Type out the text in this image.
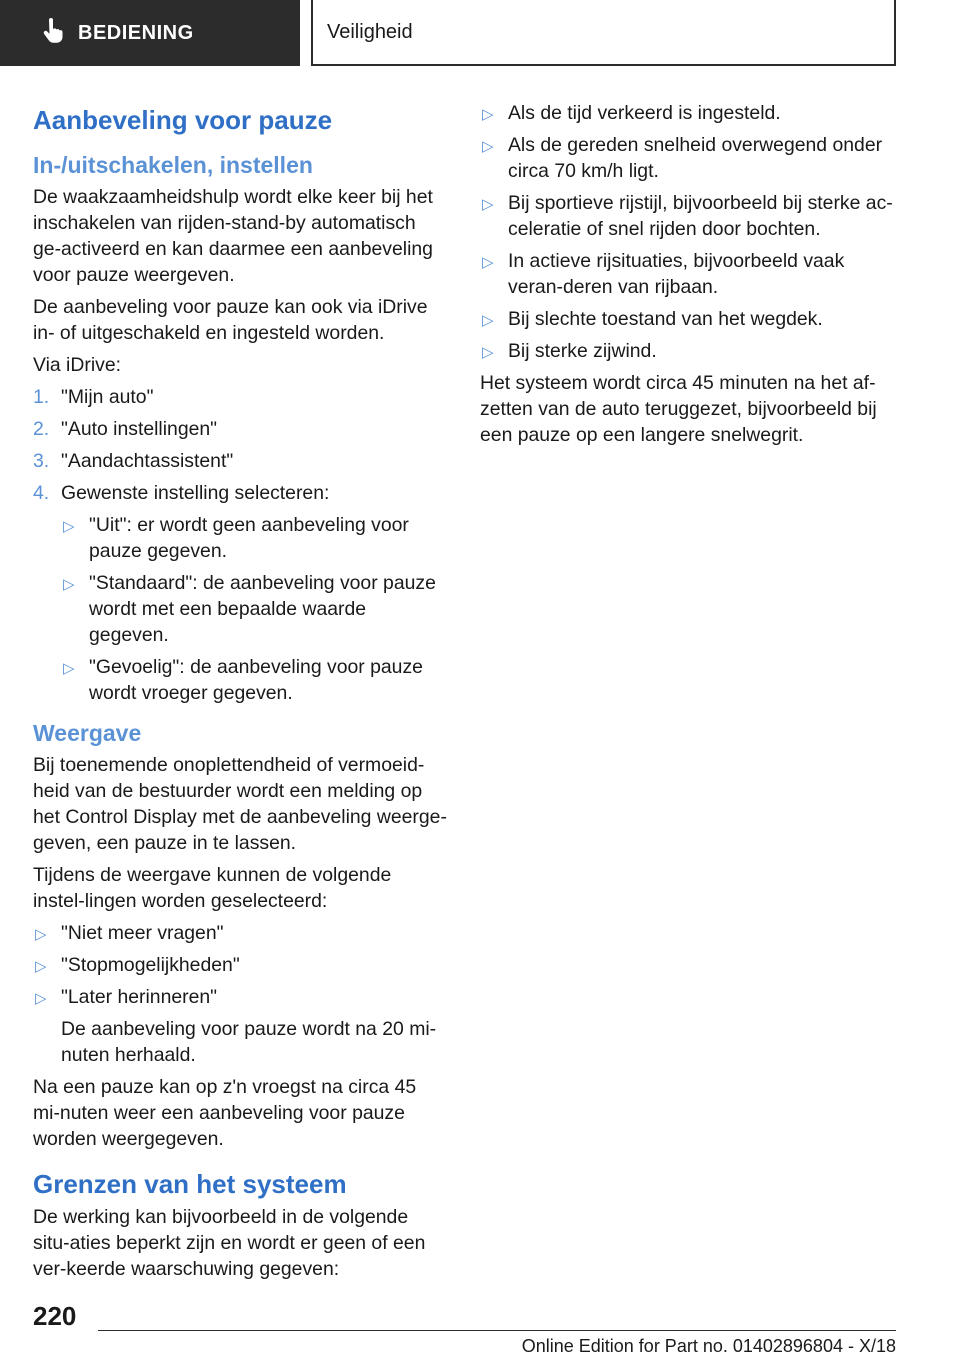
BEDIENING	Veiligheid
Aanbeveling voor pauze
In-/uitschakelen, instellen

De waakzaamheidshulp wordt elke keer bij het inschakelen van rijden-stand-by automatisch ge-activeerd en kan daarmee een aanbeveling voor pauze weergeven.

De aanbeveling voor pauze kan ook via iDrive in- of uitgeschakeld en ingesteld worden.

Via iDrive:

1. "Mijn auto"
2. "Auto instellingen"
3. "Aandachtassistent"
4. Gewenste instelling selecteren:
▷ "Uit": er wordt geen aanbeveling voor pauze gegeven.
▷ "Standaard": de aanbeveling voor pauze wordt met een bepaalde waarde gegeven.
▷ "Gevoelig": de aanbeveling voor pauze wordt vroeger gegeven.
Weergave

Bij toenemende onoplettendheid of vermoeid-heid van de bestuurder wordt een melding op het Control Display met de aanbeveling weerge-geven, een pauze in te lassen.

Tijdens de weergave kunnen de volgende instel-lingen worden geselecteerd:

▷ "Niet meer vragen"
▷ "Stopmogelijkheden"
▷ "Later herinneren"
De aanbeveling voor pauze wordt na 20 mi-nuten herhaald.

Na een pauze kan op z'n vroegst na circa 45 mi-nuten weer een aanbeveling voor pauze worden weergegeven.

Grenzen van het systeem

De werking kan bijvoorbeeld in de volgende situ-aties beperkt zijn en wordt er geen of een ver-keerde waarschuwing gegeven:

▷ Als de tijd verkeerd is ingesteld.
▷ Als de gereden snelheid overwegend onder circa 70 km/h ligt.
▷ Bij sportieve rijstijl, bijvoorbeeld bij sterke ac-celeratie of snel rijden door bochten.
▷ In actieve rijsituaties, bijvoorbeeld vaak veran-deren van rijbaan.
▷ Bij slechte toestand van het wegdek.
▷ Bij sterke zijwind.

Het systeem wordt circa 45 minuten na het af-zetten van de auto teruggezet, bijvoorbeeld bij een pauze op een langere snelwegrit.

220
Online Edition for Part no. 01402896804 - X/18
